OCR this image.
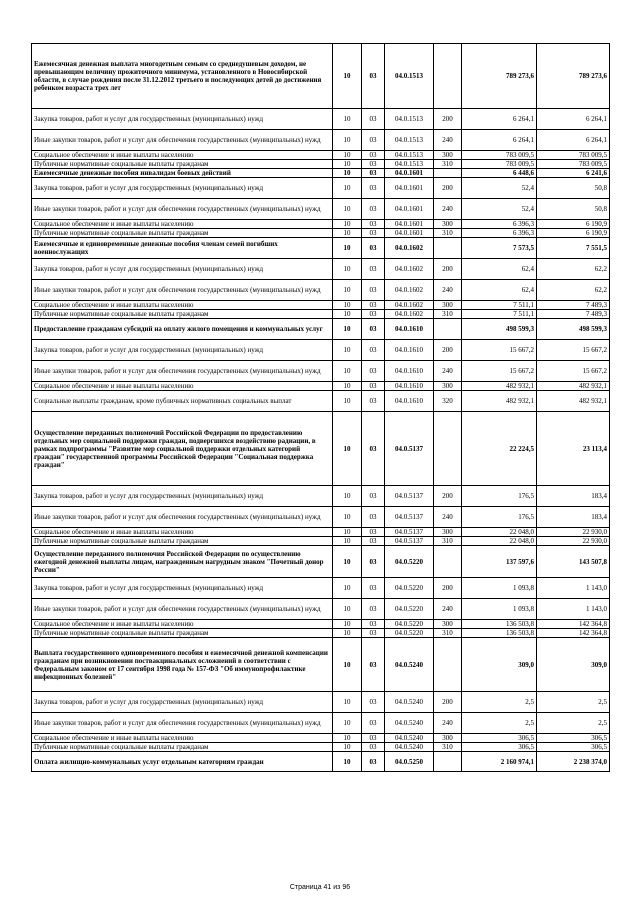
Ежемесячная денежная выплата многодетным семьям со среднедушевым доходом, не превышающим величину прожиточного минимума, установленного в Новосибирской области, в случае рождения после 31.12.2012 третьего и последующих детей до достижения ребенком возраста трех лет	10	03	04.0.1513		789 273,6	789 273,6
Закупка товаров, работ и услуг для государственных (муниципальных) нужд	10	03	04.0.1513	200	6 264,1	6 264,1
Иные закупки товаров, работ и услуг для обеспечения государственных (муниципальных) нужд	10	03	04.0.1513	240	6 264,1	6 264,1
Социальное обеспечение и иные выплаты населению	10	03	04.0.1513	300	783 009,5	783 009,5
Публичные нормативные социальные выплаты гражданам	10	03	04.0.1513	310	783 009,5	783 009,5
Ежемесячные денежные пособия инвалидам боевых действий	10	03	04.0.1601		6 448,6	6 241,6
Закупка товаров, работ и услуг для государственных (муниципальных) нужд	10	03	04.0.1601	200	52,4	50,8
Иные закупки товаров, работ и услуг для обеспечения государственных (муниципальных) нужд	10	03	04.0.1601	240	52,4	50,8
Социальное обеспечение и иные выплаты населению	10	03	04.0.1601	300	6 396,3	6 190,9
Публичные нормативные социальные выплаты гражданам	10	03	04.0.1601	310	6 396,3	6 190,9
Ежемесячные и единовременные денежные пособия членам семей погибших военнослужащих	10	03	04.0.1602		7 573,5	7 551,5
Закупка товаров, работ и услуг для государственных (муниципальных) нужд	10	03	04.0.1602	200	62,4	62,2
Иные закупки товаров, работ и услуг для обеспечения государственных (муниципальных) нужд	10	03	04.0.1602	240	62,4	62,2
Социальное обеспечение и иные выплаты населению	10	03	04.0.1602	300	7 511,1	7 489,3
Публичные нормативные социальные выплаты гражданам	10	03	04.0.1602	310	7 511,1	7 489,3
Предоставление гражданам субсидий на оплату жилого помещения и коммунальных услуг	10	03	04.0.1610		498 599,3	498 599,3
Закупка товаров, работ и услуг для государственных (муниципальных) нужд	10	03	04.0.1610	200	15 667,2	15 667,2
Иные закупки товаров, работ и услуг для обеспечения государственных (муниципальных) нужд	10	03	04.0.1610	240	15 667,2	15 667,2
Социальное обеспечение и иные выплаты населению	10	03	04.0.1610	300	482 932,1	482 932,1
Социальные выплаты гражданам, кроме публичных нормативных социальных выплат	10	03	04.0.1610	320	482 932,1	482 932,1
Осуществление переданных полномочий Российской Федерации по предоставлению отдельных мер социальной поддержки граждан, подвергшихся воздействию радиации, в рамках подпрограммы "Развитие мер социальной поддержки отдельных категорий граждан" государственной программы Российской Федерации "Социальная поддержка граждан"	10	03	04.0.5137		22 224,5	23 113,4
Закупка товаров, работ и услуг для государственных (муниципальных) нужд	10	03	04.0.5137	200	176,5	183,4
Иные закупки товаров, работ и услуг для обеспечения государственных (муниципальных) нужд	10	03	04.0.5137	240	176,5	183,4
Социальное обеспечение и иные выплаты населению	10	03	04.0.5137	300	22 048,0	22 930,0
Публичные нормативные социальные выплаты гражданам	10	03	04.0.5137	310	22 048,0	22 930,0
Осуществление переданного полномочия Российской Федерации по осуществлению ежегодной денежной выплаты лицам, награжденным нагрудным знаком "Почетный донор России"	10	03	04.0.5220		137 597,6	143 507,8
Закупка товаров, работ и услуг для государственных (муниципальных) нужд	10	03	04.0.5220	200	1 093,8	1 143,0
Иные закупки товаров, работ и услуг для обеспечения государственных (муниципальных) нужд	10	03	04.0.5220	240	1 093,8	1 143,0
Социальное обеспечение и иные выплаты населению	10	03	04.0.5220	300	136 503,8	142 364,8
Публичные нормативные социальные выплаты гражданам	10	03	04.0.5220	310	136 503,8	142 364,8
Выплата государственного единовременного пособия и ежемесячной денежной компенсации гражданам при возникновении поствакцинальных осложнений в соответствии с Федеральным законом от 17 сентября 1998 года № 157-ФЗ "Об иммунопрофилактике инфекционных болезней"	10	03	04.0.5240		309,0	309,0
Закупка товаров, работ и услуг для государственных (муниципальных) нужд	10	03	04.0.5240	200	2,5	2,5
Иные закупки товаров, работ и услуг для обеспечения государственных (муниципальных) нужд	10	03	04.0.5240	240	2,5	2,5
Социальное обеспечение и иные выплаты населению	10	03	04.0.5240	300	306,5	306,5
Публичные нормативные социальные выплаты гражданам	10	03	04.0.5240	310	306,5	306,5
Оплата жилищно-коммунальных услуг отдельным категориям граждан	10	03	04.0.5250		2 160 974,1	2 238 374,0
Страница 41 из 96
